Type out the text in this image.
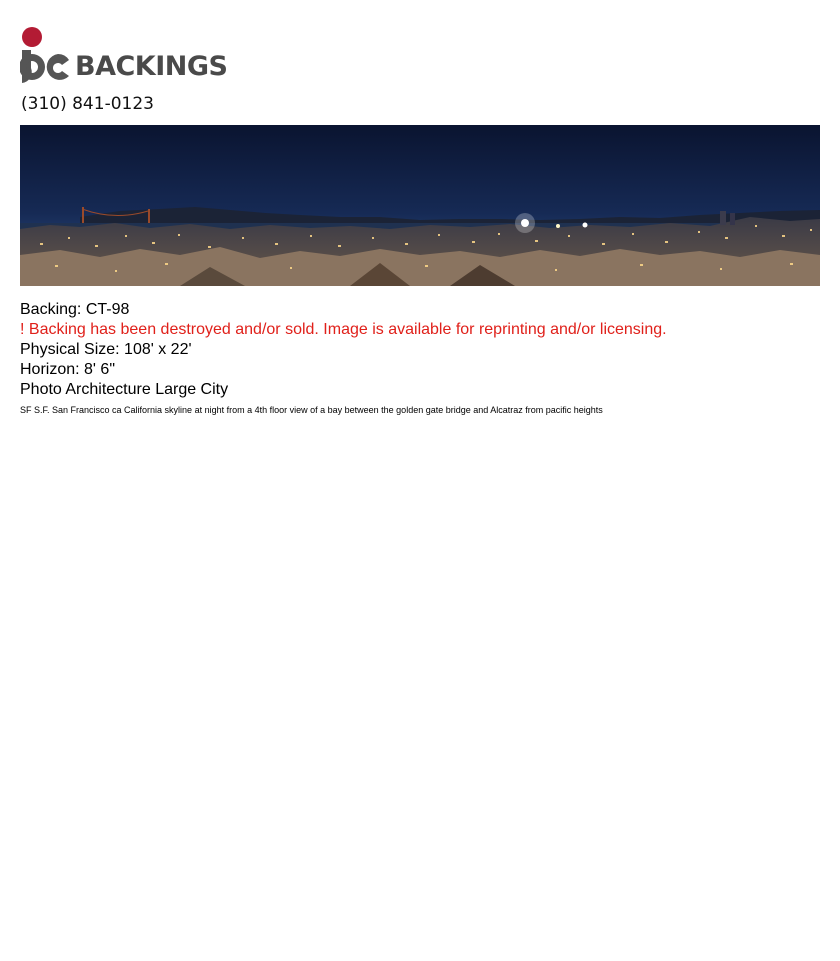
BACKINGS
(310) 841-0123
Backing: CT-98
! Backing has been destroyed and/or sold. Image is available for reprinting and/or licensing.
Physical Size: 108' x 22'
Horizon: 8' 6"
Photo Architecture Large City
SF S.F. San Francisco ca California skyline at night from a 4th floor view of a bay between the golden gate bridge and Alcatraz from pacific heights
